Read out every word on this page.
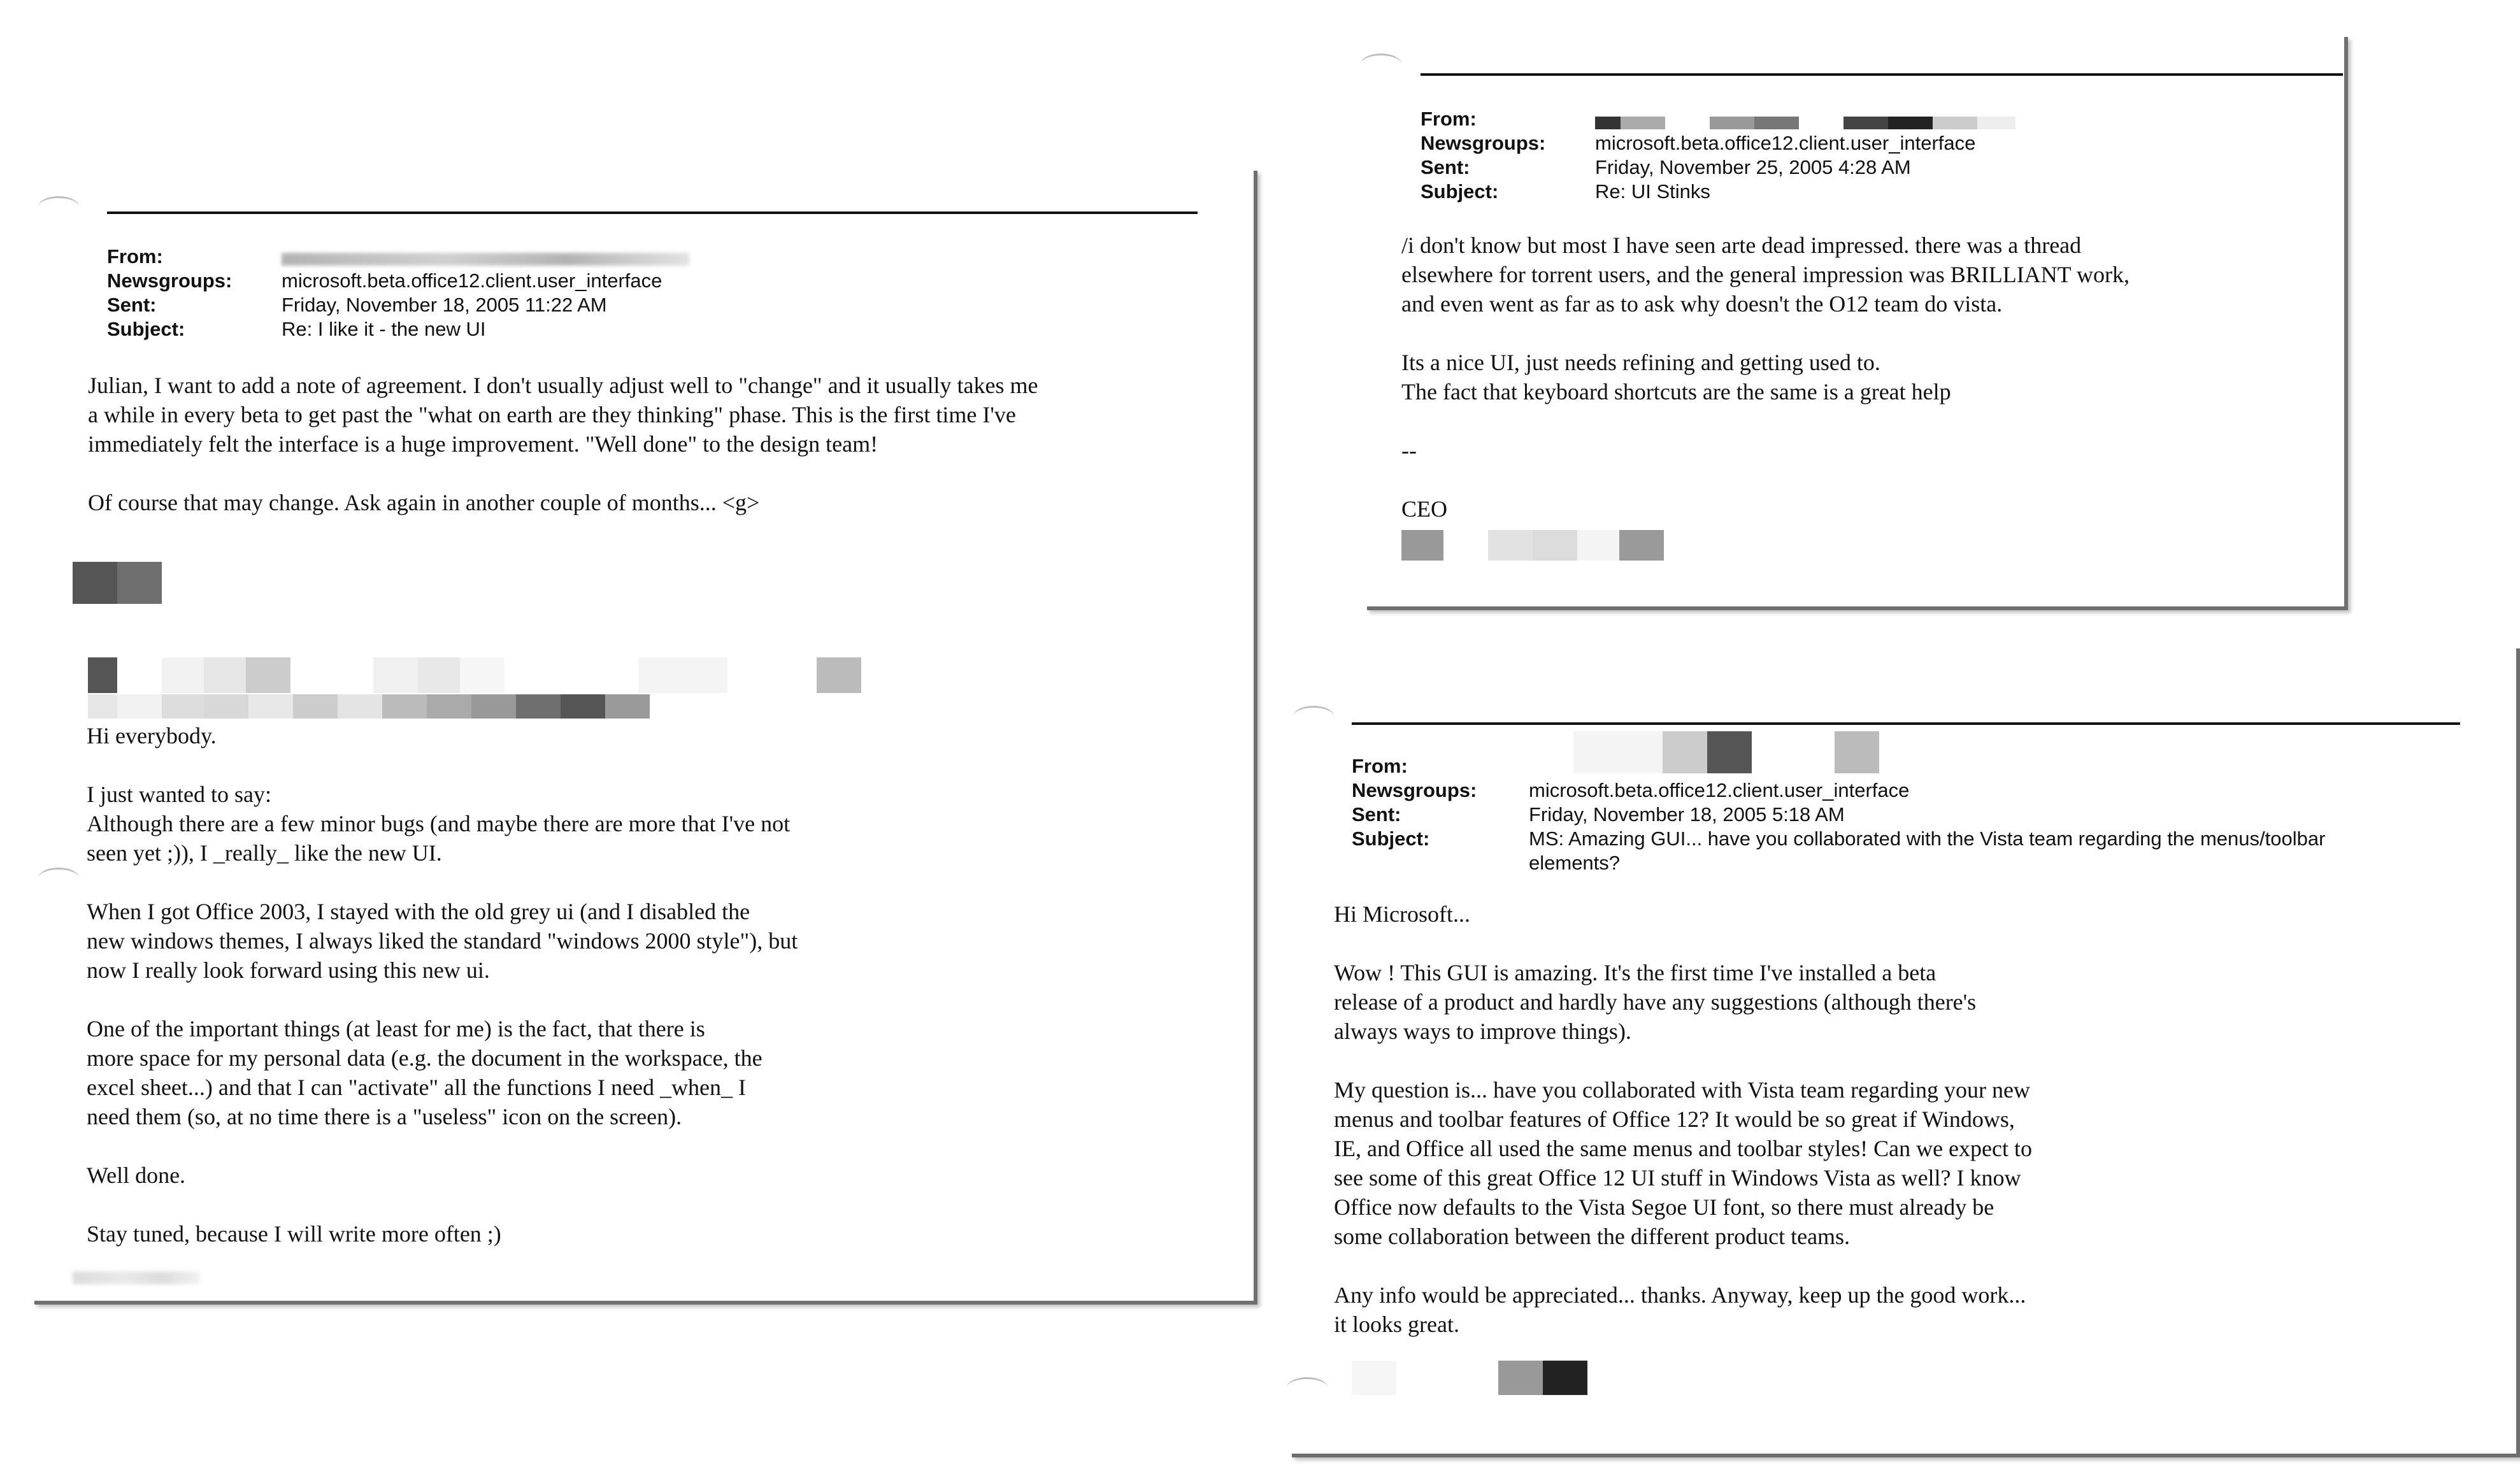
From:
Newsgroups:	microsoft.beta.office12.client.user_interface
Sent:	Friday, November 18, 2005 11:22 AM
Subject:	Re: I like it - the new UI

Julian, I want to add a note of agreement. I don't usually adjust well to "change" and it usually takes me
a while in every beta to get past the "what on earth are they thinking" phase. This is the first time I've
immediately felt the interface is a huge improvement. "Well done" to the design team!

Of course that may change. Ask again in another couple of months... <g>

Hi everybody.

I just wanted to say:
Although there are a few minor bugs (and maybe there are more that I've not
seen yet ;)), I _really_ like the new UI.

When I got Office 2003, I stayed with the old grey ui (and I disabled the
new windows themes, I always liked the standard "windows 2000 style"), but
now I really look forward using this new ui.

One of the important things (at least for me) is the fact, that there is
more space for my personal data (e.g. the document in the workspace, the
excel sheet...) and that I can "activate" all the functions I need _when_ I
need them (so, at no time there is a "useless" icon on the screen).

Well done.

Stay tuned, because I will write more often ;)

From:
Newsgroups:	microsoft.beta.office12.client.user_interface
Sent:	Friday, November 25, 2005 4:28 AM
Subject:	Re: UI Stinks

/i don't know but most I have seen arte dead impressed. there was a thread
elsewhere for torrent users, and the general impression was BRILLIANT work,
and even went as far as to ask why doesn't the O12 team do vista.

Its a nice UI, just needs refining and getting used to.
The fact that keyboard shortcuts are the same is a great help

--

CEO

From:
Newsgroups:	microsoft.beta.office12.client.user_interface
Sent:	Friday, November 18, 2005 5:18 AM
Subject:	MS: Amazing GUI... have you collaborated with the Vista team regarding the menus/toolbar
elements?

Hi Microsoft...

Wow ! This GUI is amazing. It's the first time I've installed a beta
release of a product and hardly have any suggestions (although there's
always ways to improve things).

My question is... have you collaborated with Vista team regarding your new
menus and toolbar features of Office 12? It would be so great if Windows,
IE, and Office all used the same menus and toolbar styles! Can we expect to
see some of this great Office 12 UI stuff in Windows Vista as well? I know
Office now defaults to the Vista Segoe UI font, so there must already be
some collaboration between the different product teams.

Any info would be appreciated... thanks. Anyway, keep up the good work...
it looks great.
